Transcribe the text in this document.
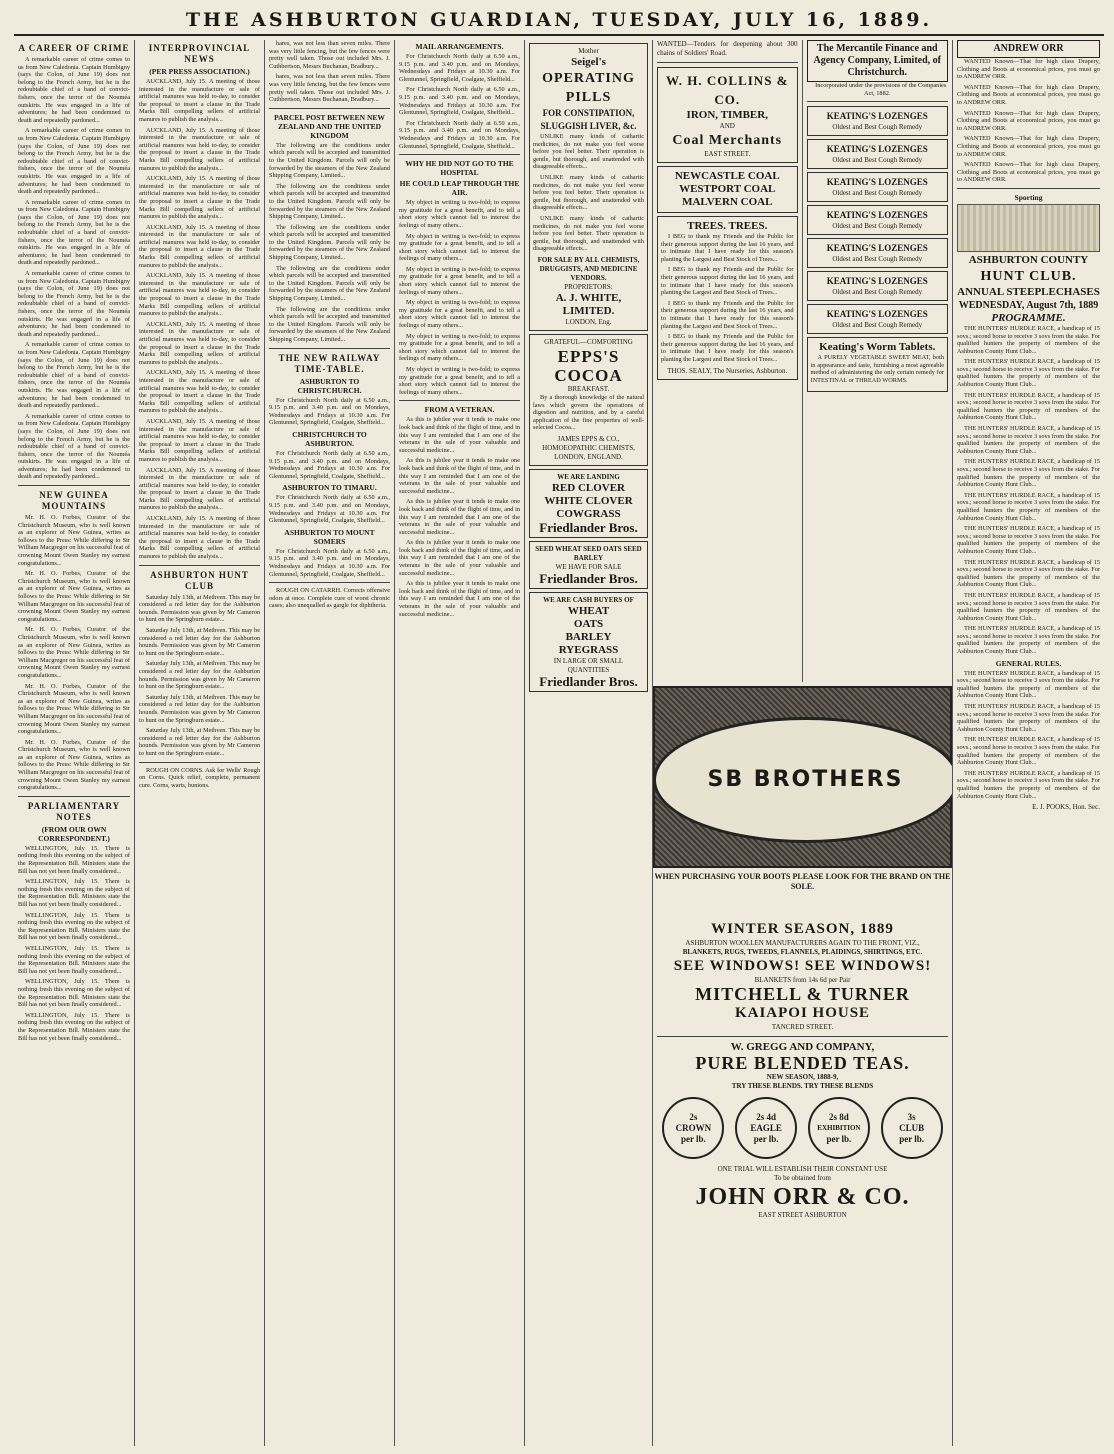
THE ASHBURTON GUARDIAN, TUESDAY, JULY 16, 1889.
A CAREER OF CRIME

A remarkable career of crime comes to us from New Caledonia. Captain Humbigny (says the Colon, of June 19) does not belong to the French Army, but he is the redoubtable chief of a band of convict-fishers, once the terror of the Nouméa outskirts. He was engaged in a life of adventures; he had been condemned to death and repeatedly pardoned...

A remarkable career of crime comes to us from New Caledonia. Captain Humbigny (says the Colon, of June 19) does not belong to the French Army, but he is the redoubtable chief of a band of convict-fishers, once the terror of the Nouméa outskirts. He was engaged in a life of adventures; he had been condemned to death and repeatedly pardoned...

A remarkable career of crime comes to us from New Caledonia. Captain Humbigny (says the Colon, of June 19) does not belong to the French Army, but he is the redoubtable chief of a band of convict-fishers, once the terror of the Nouméa outskirts. He was engaged in a life of adventures; he had been condemned to death and repeatedly pardoned...

A remarkable career of crime comes to us from New Caledonia. Captain Humbigny (says the Colon, of June 19) does not belong to the French Army, but he is the redoubtable chief of a band of convict-fishers, once the terror of the Nouméa outskirts. He was engaged in a life of adventures; he had been condemned to death and repeatedly pardoned...

A remarkable career of crime comes to us from New Caledonia. Captain Humbigny (says the Colon, of June 19) does not belong to the French Army, but he is the redoubtable chief of a band of convict-fishers, once the terror of the Nouméa outskirts. He was engaged in a life of adventures; he had been condemned to death and repeatedly pardoned...

A remarkable career of crime comes to us from New Caledonia. Captain Humbigny (says the Colon, of June 19) does not belong to the French Army, but he is the redoubtable chief of a band of convict-fishers, once the terror of the Nouméa outskirts. He was engaged in a life of adventures; he had been condemned to death and repeatedly pardoned...

NEW GUINEA MOUNTAINS

Mr. H. O. Forbes, Curator of the Christchurch Museum, who is well known as an explorer of New Guinea, writes as follows to the Press: While differing to Sir William Macgregor on his successful feat of crowning Mount Owen Stanley my earnest congratulations...

Mr. H. O. Forbes, Curator of the Christchurch Museum, who is well known as an explorer of New Guinea, writes as follows to the Press: While differing to Sir William Macgregor on his successful feat of crowning Mount Owen Stanley my earnest congratulations...

Mr. H. O. Forbes, Curator of the Christchurch Museum, who is well known as an explorer of New Guinea, writes as follows to the Press: While differing to Sir William Macgregor on his successful feat of crowning Mount Owen Stanley my earnest congratulations...

Mr. H. O. Forbes, Curator of the Christchurch Museum, who is well known as an explorer of New Guinea, writes as follows to the Press: While differing to Sir William Macgregor on his successful feat of crowning Mount Owen Stanley my earnest congratulations...

Mr. H. O. Forbes, Curator of the Christchurch Museum, who is well known as an explorer of New Guinea, writes as follows to the Press: While differing to Sir William Macgregor on his successful feat of crowning Mount Owen Stanley my earnest congratulations...

PARLIAMENTARY NOTES
(FROM OUR OWN CORRESPONDENT.)

WELLINGTON, July 15. There is nothing fresh this evening on the subject of the Representation Bill. Ministers state the Bill has not yet been finally considered...

WELLINGTON, July 15. There is nothing fresh this evening on the subject of the Representation Bill. Ministers state the Bill has not yet been finally considered...

WELLINGTON, July 15. There is nothing fresh this evening on the subject of the Representation Bill. Ministers state the Bill has not yet been finally considered...

WELLINGTON, July 15. There is nothing fresh this evening on the subject of the Representation Bill. Ministers state the Bill has not yet been finally considered...

WELLINGTON, July 15. There is nothing fresh this evening on the subject of the Representation Bill. Ministers state the Bill has not yet been finally considered...

WELLINGTON, July 15. There is nothing fresh this evening on the subject of the Representation Bill. Ministers state the Bill has not yet been finally considered...

INTERPROVINCIAL NEWS
(PER PRESS ASSOCIATION.)

AUCKLAND, July 15. A meeting of those interested in the manufacture or sale of artificial manures was held to-day, to consider the proposal to insert a clause in the Trade Marks Bill compelling sellers of artificial manures to publish the analysis...

AUCKLAND, July 15. A meeting of those interested in the manufacture or sale of artificial manures was held to-day, to consider the proposal to insert a clause in the Trade Marks Bill compelling sellers of artificial manures to publish the analysis...

AUCKLAND, July 15. A meeting of those interested in the manufacture or sale of artificial manures was held to-day, to consider the proposal to insert a clause in the Trade Marks Bill compelling sellers of artificial manures to publish the analysis...

AUCKLAND, July 15. A meeting of those interested in the manufacture or sale of artificial manures was held to-day, to consider the proposal to insert a clause in the Trade Marks Bill compelling sellers of artificial manures to publish the analysis...

AUCKLAND, July 15. A meeting of those interested in the manufacture or sale of artificial manures was held to-day, to consider the proposal to insert a clause in the Trade Marks Bill compelling sellers of artificial manures to publish the analysis...

AUCKLAND, July 15. A meeting of those interested in the manufacture or sale of artificial manures was held to-day, to consider the proposal to insert a clause in the Trade Marks Bill compelling sellers of artificial manures to publish the analysis...

AUCKLAND, July 15. A meeting of those interested in the manufacture or sale of artificial manures was held to-day, to consider the proposal to insert a clause in the Trade Marks Bill compelling sellers of artificial manures to publish the analysis...

AUCKLAND, July 15. A meeting of those interested in the manufacture or sale of artificial manures was held to-day, to consider the proposal to insert a clause in the Trade Marks Bill compelling sellers of artificial manures to publish the analysis...

AUCKLAND, July 15. A meeting of those interested in the manufacture or sale of artificial manures was held to-day, to consider the proposal to insert a clause in the Trade Marks Bill compelling sellers of artificial manures to publish the analysis...

AUCKLAND, July 15. A meeting of those interested in the manufacture or sale of artificial manures was held to-day, to consider the proposal to insert a clause in the Trade Marks Bill compelling sellers of artificial manures to publish the analysis...

ASHBURTON HUNT CLUB

Saturday July 13th, at Methven. This may be considered a red letter day for the Ashburton hounds. Permission was given by Mr Cameron to hunt on the Springburn estate...

Saturday July 13th, at Methven. This may be considered a red letter day for the Ashburton hounds. Permission was given by Mr Cameron to hunt on the Springburn estate...

Saturday July 13th, at Methven. This may be considered a red letter day for the Ashburton hounds. Permission was given by Mr Cameron to hunt on the Springburn estate...

Saturday July 13th, at Methven. This may be considered a red letter day for the Ashburton hounds. Permission was given by Mr Cameron to hunt on the Springburn estate...

Saturday July 13th, at Methven. This may be considered a red letter day for the Ashburton hounds. Permission was given by Mr Cameron to hunt on the Springburn estate...

ROUGH ON CORNS. Ask for Wells' Rough on Corns. Quick relief, complete, permanent cure. Corns, warts, bunions.

hares, was not less than seven miles. There was very little fencing, but the few fences were pretty well taken. Those out included Mrs. J. Cuthbertson, Messrs Buchanan, Bradbury...

hares, was not less than seven miles. There was very little fencing, but the few fences were pretty well taken. Those out included Mrs. J. Cuthbertson, Messrs Buchanan, Bradbury...

PARCEL POST BETWEEN NEW ZEALAND AND THE UNITED KINGDOM

The following are the conditions under which parcels will be accepted and transmitted to the United Kingdom. Parcels will only be forwarded by the steamers of the New Zealand Shipping Company, Limited...

The following are the conditions under which parcels will be accepted and transmitted to the United Kingdom. Parcels will only be forwarded by the steamers of the New Zealand Shipping Company, Limited...

The following are the conditions under which parcels will be accepted and transmitted to the United Kingdom. Parcels will only be forwarded by the steamers of the New Zealand Shipping Company, Limited...

The following are the conditions under which parcels will be accepted and transmitted to the United Kingdom. Parcels will only be forwarded by the steamers of the New Zealand Shipping Company, Limited...

The following are the conditions under which parcels will be accepted and transmitted to the United Kingdom. Parcels will only be forwarded by the steamers of the New Zealand Shipping Company, Limited...

THE NEW RAILWAY TIME-TABLE.
ASHBURTON TO CHRISTCHURCH.

For Christchurch North daily at 6.50 a.m., 9.15 p.m. and 3.40 p.m. and on Mondays, Wednesdays and Fridays at 10.30 a.m. For Glentunnel, Springfield, Coalgate, Sheffield...

CHRISTCHURCH TO ASHBURTON.

For Christchurch North daily at 6.50 a.m., 9.15 p.m. and 3.40 p.m. and on Mondays, Wednesdays and Fridays at 10.30 a.m. For Glentunnel, Springfield, Coalgate, Sheffield...

ASHBURTON TO TIMARU.

For Christchurch North daily at 6.50 a.m., 9.15 p.m. and 3.40 p.m. and on Mondays, Wednesdays and Fridays at 10.30 a.m. For Glentunnel, Springfield, Coalgate, Sheffield...

ASHBURTON TO MOUNT SOMERS

For Christchurch North daily at 6.50 a.m., 9.15 p.m. and 3.40 p.m. and on Mondays, Wednesdays and Fridays at 10.30 a.m. For Glentunnel, Springfield, Coalgate, Sheffield...

ROUGH ON CATARRH. Corrects offensive odors at once. Complete cure of worst chronic cases; also unequalled as gargle for diphtheria.

MAIL ARRANGEMENTS.

For Christchurch North daily at 6.50 a.m., 9.15 p.m. and 3.40 p.m. and on Mondays, Wednesdays and Fridays at 10.30 a.m. For Glentunnel, Springfield, Coalgate, Sheffield...

For Christchurch North daily at 6.50 a.m., 9.15 p.m. and 3.40 p.m. and on Mondays, Wednesdays and Fridays at 10.30 a.m. For Glentunnel, Springfield, Coalgate, Sheffield...

For Christchurch North daily at 6.50 a.m., 9.15 p.m. and 3.40 p.m. and on Mondays, Wednesdays and Fridays at 10.30 a.m. For Glentunnel, Springfield, Coalgate, Sheffield...

WHY HE DID NOT GO TO THE HOSPITAL
HE COULD LEAP THROUGH THE AIR.

My object in writing is two-fold; to express my gratitude for a great benefit, and to tell a short story which cannot fail to interest the feelings of many others...

My object in writing is two-fold; to express my gratitude for a great benefit, and to tell a short story which cannot fail to interest the feelings of many others...

My object in writing is two-fold; to express my gratitude for a great benefit, and to tell a short story which cannot fail to interest the feelings of many others...

My object in writing is two-fold; to express my gratitude for a great benefit, and to tell a short story which cannot fail to interest the feelings of many others...

My object in writing is two-fold; to express my gratitude for a great benefit, and to tell a short story which cannot fail to interest the feelings of many others...

My object in writing is two-fold; to express my gratitude for a great benefit, and to tell a short story which cannot fail to interest the feelings of many others...

FROM A VETERAN.

As this is jubilee year it tends to make one look back and think of the flight of time, and in this way I am reminded that I am one of the veterans in the sale of your valuable and successful medicine...

As this is jubilee year it tends to make one look back and think of the flight of time, and in this way I am reminded that I am one of the veterans in the sale of your valuable and successful medicine...

As this is jubilee year it tends to make one look back and think of the flight of time, and in this way I am reminded that I am one of the veterans in the sale of your valuable and successful medicine...

As this is jubilee year it tends to make one look back and think of the flight of time, and in this way I am reminded that I am one of the veterans in the sale of your valuable and successful medicine...

As this is jubilee year it tends to make one look back and think of the flight of time, and in this way I am reminded that I am one of the veterans in the sale of your valuable and successful medicine...

Mother
Seigel's
OPERATING PILLS
FOR CONSTIPATION, SLUGGISH LIVER, &c.

UNLIKE many kinds of cathartic medicines, do not make you feel worse before you feel better. Their operation is gentle, but thorough, and unattended with disagreeable effects...

UNLIKE many kinds of cathartic medicines, do not make you feel worse before you feel better. Their operation is gentle, but thorough, and unattended with disagreeable effects...

UNLIKE many kinds of cathartic medicines, do not make you feel worse before you feel better. Their operation is gentle, but thorough, and unattended with disagreeable effects...

FOR SALE BY ALL CHEMISTS, DRUGGISTS, AND MEDICINE VENDORS.
PROPRIETORS:
A. J. WHITE, LIMITED.
LONDON, Eng.
GRATEFUL—COMFORTING
EPPS'S COCOA
BREAKFAST.

By a thorough knowledge of the natural laws which govern the operations of digestion and nutrition, and by a careful application of the fine properties of well-selected Cocoa...

JAMES EPPS & CO., HOMOEOPATHIC CHEMISTS, LONDON, ENGLAND.
WE ARE LANDING
RED CLOVER
WHITE CLOVER
COWGRASS
Friedlander Bros.
SEED WHEAT SEED OATS SEED BARLEY
WE HAVE FOR SALE
Friedlander Bros.
WE ARE CASH BUYERS OF
WHEAT
OATS
BARLEY
RYEGRASS
IN LARGE OR SMALL QUANTITIES
Friedlander Bros.
WANTED—Tenders for deepening about 300 chains of Soldiers' Road.
W. H. COLLINS & CO.
IRON, TIMBER,
AND
Coal Merchants
EAST STREET.
NEWCASTLE COAL
WESTPORT COAL
MALVERN COAL
TREES. TREES.

I BEG to thank my Friends and the Public for their generous support during the last 16 years, and to intimate that I have ready for this season's planting the Largest and Best Stock of Trees...

I BEG to thank my Friends and the Public for their generous support during the last 16 years, and to intimate that I have ready for this season's planting the Largest and Best Stock of Trees...

I BEG to thank my Friends and the Public for their generous support during the last 16 years, and to intimate that I have ready for this season's planting the Largest and Best Stock of Trees...

I BEG to thank my Friends and the Public for their generous support during the last 16 years, and to intimate that I have ready for this season's planting the Largest and Best Stock of Trees...

THOS. SEALY, The Nurseries, Ashburton.
The Mercantile Finance and Agency Company, Limited, of Christchurch.

Incorporated under the provisions of the Companies Act, 1882.

KEATING'S LOZENGES
Oldest and Best Cough Remedy
KEATING'S LOZENGES
Oldest and Best Cough Remedy
KEATING'S LOZENGES
Oldest and Best Cough Remedy
KEATING'S LOZENGES
Oldest and Best Cough Remedy
KEATING'S LOZENGES
Oldest and Best Cough Remedy
KEATING'S LOZENGES
Oldest and Best Cough Remedy
KEATING'S LOZENGES
Oldest and Best Cough Remedy
Keating's Worm Tablets.

A PURELY VEGETABLE SWEET MEAT, both in appearance and taste, furnishing a most agreeable method of administering the only certain remedy for INTESTINAL or THREAD WORMS.

SB BROTHERS
WHEN PURCHASING YOUR BOOTS PLEASE LOOK FOR THE BRAND ON THE SOLE.
ANDREW ORR

WANTED Known—That for high class Drapery, Clothing and Boots at economical prices, you must go to ANDREW ORR.

WANTED Known—That for high class Drapery, Clothing and Boots at economical prices, you must go to ANDREW ORR.

WANTED Known—That for high class Drapery, Clothing and Boots at economical prices, you must go to ANDREW ORR.

WANTED Known—That for high class Drapery, Clothing and Boots at economical prices, you must go to ANDREW ORR.

WANTED Known—That for high class Drapery, Clothing and Boots at economical prices, you must go to ANDREW ORR.

Sporting
ASHBURTON COUNTY
HUNT CLUB.
ANNUAL STEEPLECHASES
WEDNESDAY, August 7th, 1889
PROGRAMME.

THE HUNTERS' HURDLE RACE, a handicap of 15 sovs.; second horse to receive 3 sovs from the stake. For qualified hunters the property of members of the Ashburton County Hunt Club...

THE HUNTERS' HURDLE RACE, a handicap of 15 sovs.; second horse to receive 3 sovs from the stake. For qualified hunters the property of members of the Ashburton County Hunt Club...

THE HUNTERS' HURDLE RACE, a handicap of 15 sovs.; second horse to receive 3 sovs from the stake. For qualified hunters the property of members of the Ashburton County Hunt Club...

THE HUNTERS' HURDLE RACE, a handicap of 15 sovs.; second horse to receive 3 sovs from the stake. For qualified hunters the property of members of the Ashburton County Hunt Club...

THE HUNTERS' HURDLE RACE, a handicap of 15 sovs.; second horse to receive 3 sovs from the stake. For qualified hunters the property of members of the Ashburton County Hunt Club...

THE HUNTERS' HURDLE RACE, a handicap of 15 sovs.; second horse to receive 3 sovs from the stake. For qualified hunters the property of members of the Ashburton County Hunt Club...

THE HUNTERS' HURDLE RACE, a handicap of 15 sovs.; second horse to receive 3 sovs from the stake. For qualified hunters the property of members of the Ashburton County Hunt Club...

THE HUNTERS' HURDLE RACE, a handicap of 15 sovs.; second horse to receive 3 sovs from the stake. For qualified hunters the property of members of the Ashburton County Hunt Club...

THE HUNTERS' HURDLE RACE, a handicap of 15 sovs.; second horse to receive 3 sovs from the stake. For qualified hunters the property of members of the Ashburton County Hunt Club...

THE HUNTERS' HURDLE RACE, a handicap of 15 sovs.; second horse to receive 3 sovs from the stake. For qualified hunters the property of members of the Ashburton County Hunt Club...

GENERAL RULES.

THE HUNTERS' HURDLE RACE, a handicap of 15 sovs.; second horse to receive 3 sovs from the stake. For qualified hunters the property of members of the Ashburton County Hunt Club...

THE HUNTERS' HURDLE RACE, a handicap of 15 sovs.; second horse to receive 3 sovs from the stake. For qualified hunters the property of members of the Ashburton County Hunt Club...

THE HUNTERS' HURDLE RACE, a handicap of 15 sovs.; second horse to receive 3 sovs from the stake. For qualified hunters the property of members of the Ashburton County Hunt Club...

THE HUNTERS' HURDLE RACE, a handicap of 15 sovs.; second horse to receive 3 sovs from the stake. For qualified hunters the property of members of the Ashburton County Hunt Club...

E. J. POOKS, Hon. Sec.
WINTER SEASON, 1889
ASHBURTON WOOLLEN MANUFACTURERS AGAIN TO THE FRONT, VIZ.,
BLANKETS, RUGS, TWEEDS, FLANNELS, PLAIDINGS, SHIRTINGS, ETC.
SEE WINDOWS! SEE WINDOWS!
BLANKETS from 14s 6d per Pair
MITCHELL & TURNER
KAIAPOI HOUSE
TANCRED STREET.
W. GREGG AND COMPANY,
PURE BLENDED TEAS.
NEW SEASON, 1888-9,
TRY THESE BLENDS. TRY THESE BLENDS
2s
CROWN
per lb.
2s 4d
EAGLE
per lb.
2s 8d
EXHIBITION
per lb.
3s
CLUB
per lb.
ONE TRIAL WILL ESTABLISH THEIR CONSTANT USE
To be obtained from
JOHN ORR & CO.
EAST STREET ASHBURTON
